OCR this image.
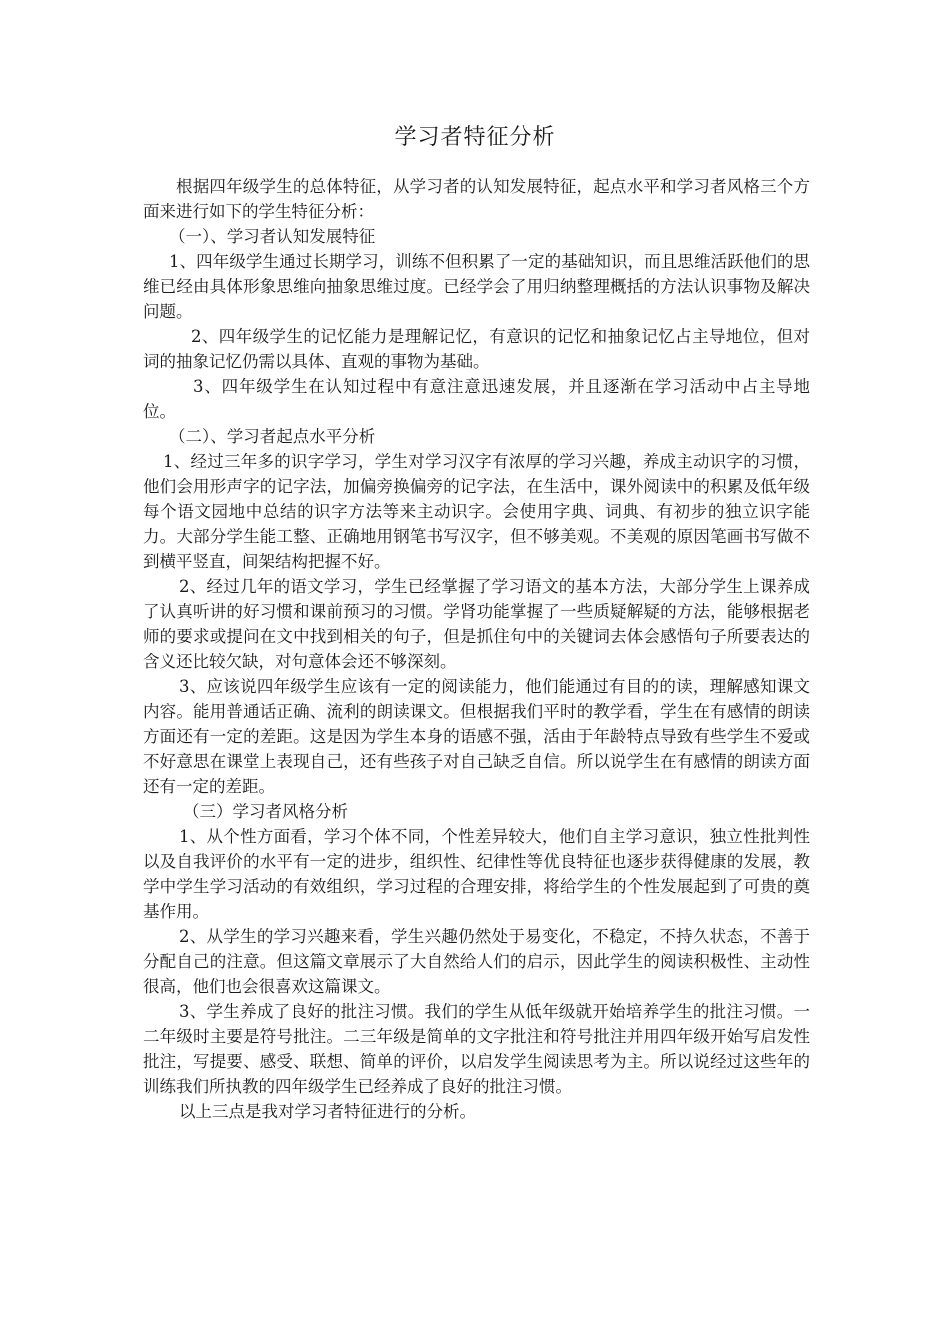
学习者特征分析

根据四年级学生的总体特征，从学习者的认知发展特征，起点水平和学习者风格三个方面来进行如下的学生特征分析：

（一）、学习者认知发展特征

1、四年级学生通过长期学习，训练不但积累了一定的基础知识，而且思维活跃他们的思维已经由具体形象思维向抽象思维过度。已经学会了用归纳整理概括的方法认识事物及解决问题。

2、四年级学生的记忆能力是理解记忆，有意识的记忆和抽象记忆占主导地位，但对词的抽象记忆仍需以具体、直观的事物为基础。

3、四年级学生在认知过程中有意注意迅速发展，并且逐渐在学习活动中占主导地位。

（二）、学习者起点水平分析

1、经过三年多的识字学习，学生对学习汉字有浓厚的学习兴趣，养成主动识字的习惯，他们会用形声字的记字法，加偏旁换偏旁的记字法，在生活中，课外阅读中的积累及低年级每个语文园地中总结的识字方法等来主动识字。会使用字典、词典、有初步的独立识字能力。大部分学生能工整、正确地用钢笔书写汉字，但不够美观。不美观的原因笔画书写做不到横平竖直，间架结构把握不好。

2、经过几年的语文学习，学生已经掌握了学习语文的基本方法，大部分学生上课养成了认真听讲的好习惯和课前预习的习惯。学肾功能掌握了一些质疑解疑的方法，能够根据老师的要求或提问在文中找到相关的句子，但是抓住句中的关键词去体会感悟句子所要表达的含义还比较欠缺，对句意体会还不够深刻。

3、应该说四年级学生应该有一定的阅读能力，他们能通过有目的的读，理解感知课文内容。能用普通话正确、流利的朗读课文。但根据我们平时的教学看，学生在有感情的朗读方面还有一定的差距。这是因为学生本身的语感不强，活由于年龄特点导致有些学生不爱或不好意思在课堂上表现自己，还有些孩子对自己缺乏自信。所以说学生在有感情的朗读方面还有一定的差距。

（三）学习者风格分析

1、从个性方面看，学习个体不同，个性差异较大，他们自主学习意识，独立性批判性以及自我评价的水平有一定的进步，组织性、纪律性等优良特征也逐步获得健康的发展，教学中学生学习活动的有效组织，学习过程的合理安排，将给学生的个性发展起到了可贵的奠基作用。

2、从学生的学习兴趣来看，学生兴趣仍然处于易变化，不稳定，不持久状态，不善于分配自己的注意。但这篇文章展示了大自然给人们的启示，因此学生的阅读积极性、主动性很高，他们也会很喜欢这篇课文。

3、学生养成了良好的批注习惯。我们的学生从低年级就开始培养学生的批注习惯。一二年级时主要是符号批注。二三年级是简单的文字批注和符号批注并用四年级开始写启发性批注，写提要、感受、联想、简单的评价，以启发学生阅读思考为主。所以说经过这些年的训练我们所执教的四年级学生已经养成了良好的批注习惯。

以上三点是我对学习者特征进行的分析。
